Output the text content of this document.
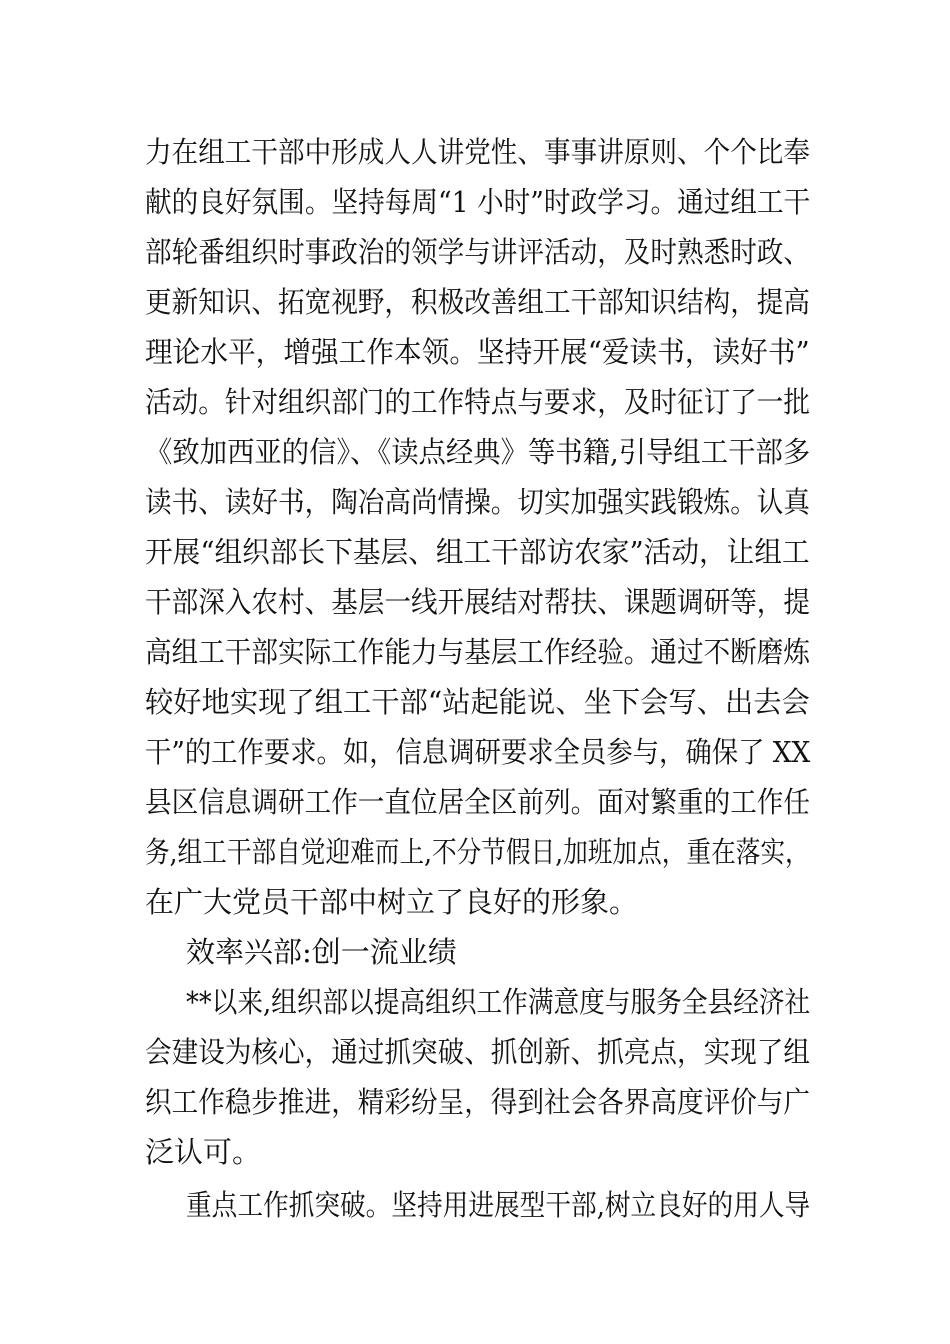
力在组工干部中形成人人讲党性、事事讲原则、个个比奉
献的良好氛围。坚持每周“1 小时”时政学习。通过组工干
部轮番组织时事政治的领学与讲评活动，及时熟悉时政、
更新知识、拓宽视野，积极改善组工干部知识结构，提高
理论水平，增强工作本领。坚持开展“爱读书，读好书”
活动。针对组织部门的工作特点与要求，及时征订了一批
《致加西亚的信》、《读点经典》等书籍,引导组工干部多
读书、读好书，陶冶高尚情操。切实加强实践锻炼。认真
开展“组织部长下基层、组工干部访农家”活动，让组工
干部深入农村、基层一线开展结对帮扶、课题调研等，提
高组工干部实际工作能力与基层工作经验。通过不断磨炼
较好地实现了组工干部“站起能说、坐下会写、出去会
干”的工作要求。如，信息调研要求全员参与，确保了 XX
县区信息调研工作一直位居全区前列。面对繁重的工作任
务,组工干部自觉迎难而上,不分节假日,加班加点，重在落实，
在广大党员干部中树立了良好的形象。
效率兴部:创一流业绩
**以来,组织部以提高组织工作满意度与服务全县经济社
会建设为核心，通过抓突破、抓创新、抓亮点，实现了组
织工作稳步推进，精彩纷呈，得到社会各界高度评价与广
泛认可。
重点工作抓突破。坚持用进展型干部,树立良好的用人导
